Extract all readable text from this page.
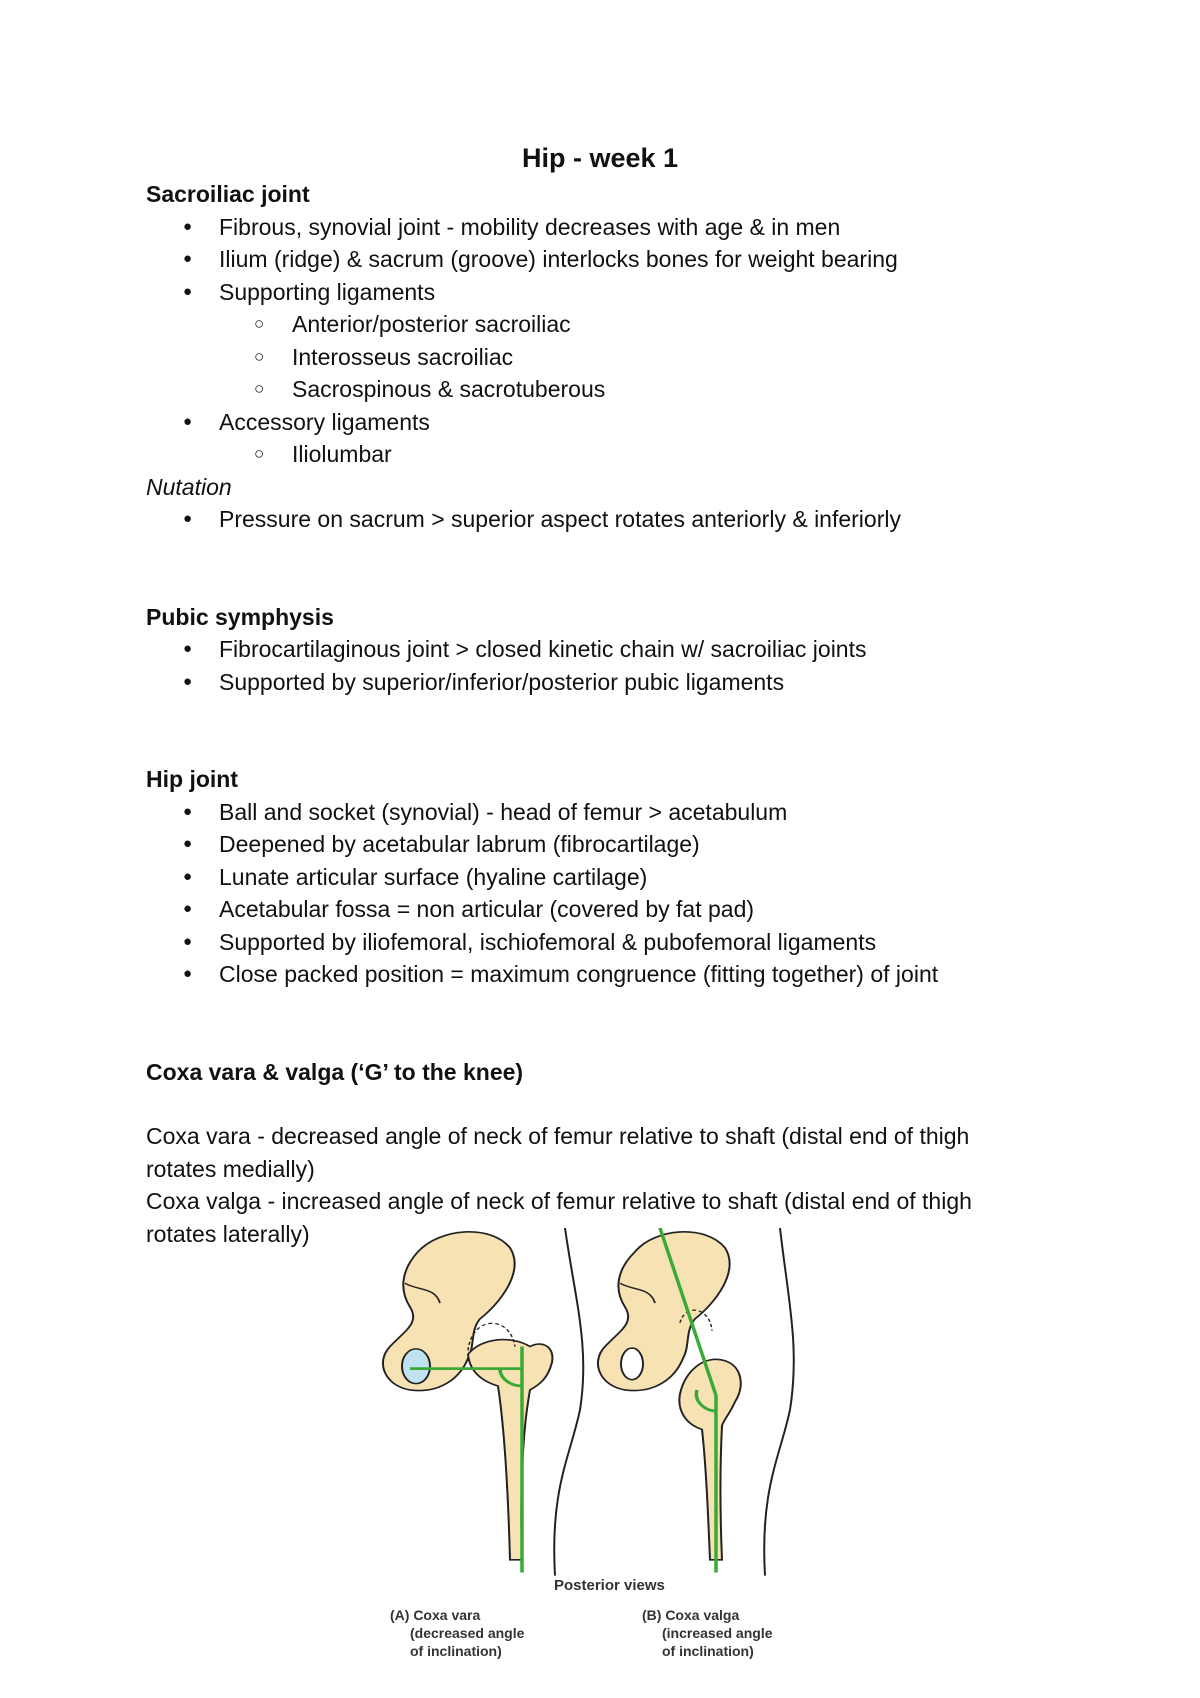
Hip - week 1
Sacroiliac joint
● Fibrous, synovial joint - mobility decreases with age & in men
● Ilium (ridge) & sacrum (groove) interlocks bones for weight bearing
● Supporting ligaments
○ Anterior/posterior sacroiliac
○ Interosseus sacroiliac
○ Sacrospinous & sacrotuberous
● Accessory ligaments
○ Iliolumbar
Nutation
● Pressure on sacrum > superior aspect rotates anteriorly & inferiorly
Pubic symphysis
● Fibrocartilaginous joint > closed kinetic chain w/ sacroiliac joints
● Supported by superior/inferior/posterior pubic ligaments
Hip joint
● Ball and socket (synovial) - head of femur > acetabulum
● Deepened by acetabular labrum (fibrocartilage)
● Lunate articular surface (hyaline cartilage)
● Acetabular fossa = non articular (covered by fat pad)
● Supported by iliofemoral, ischiofemoral & pubofemoral ligaments
● Close packed position = maximum congruence (fitting together) of joint
Coxa vara & valga (‘G’ to the knee)

Coxa vara - decreased angle of neck of femur relative to shaft (distal end of thigh rotates medially)

Coxa valga - increased angle of neck of femur relative to shaft (distal end of thigh rotates laterally)

Posterior views
(A) Coxa vara
(decreased angle
of inclination)
(B) Coxa valga
(increased angle
of inclination)
